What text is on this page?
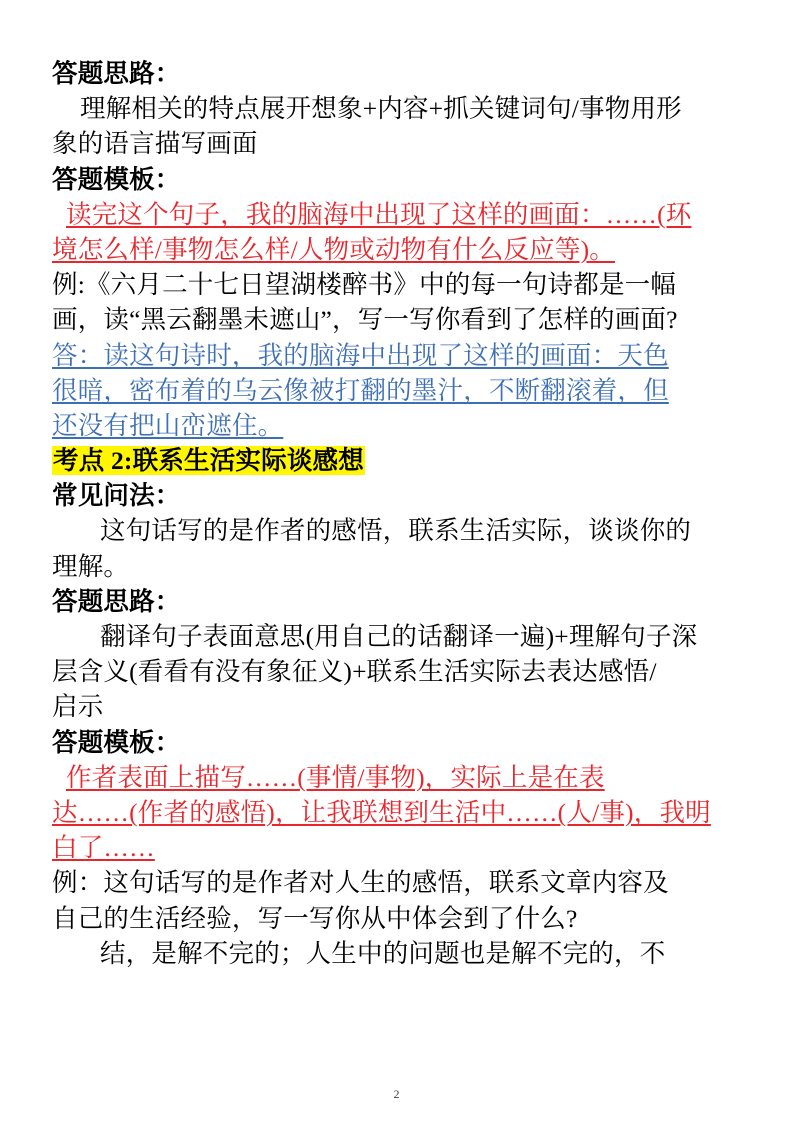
答题思路：

理解相关的特点展开想象+内容+抓关键词句/事物用形

象的语言描写画面

答题模板：

读完这个句子，我的脑海中出现了这样的画面：……(环

境怎么样/事物怎么样/人物或动物有什么反应等)。

例:《六月二十七日望湖楼醉书》中的每一句诗都是一幅

画，读“黑云翻墨未遮山”，写一写你看到了怎样的画面?

答：读这句诗时，我的脑海中出现了这样的画面：天色

很暗，密布着的乌云像被打翻的墨汁，不断翻滚着，但

还没有把山峦遮住。

考点 2:联系生活实际谈感想

常见问法：

这句话写的是作者的感悟，联系生活实际，谈谈你的

理解。

答题思路：

翻译句子表面意思(用自己的话翻译一遍)+理解句子深

层含义(看看有没有象征义)+联系生活实际去表达感悟/

启示

答题模板：

作者表面上描写……(事情/事物)，实际上是在表

达……(作者的感悟)，让我联想到生活中……(人/事)，我明

白了……

例：这句话写的是作者对人生的感悟，联系文章内容及

自己的生活经验，写一写你从中体会到了什么?

结，是解不完的；人生中的问题也是解不完的，不

2
